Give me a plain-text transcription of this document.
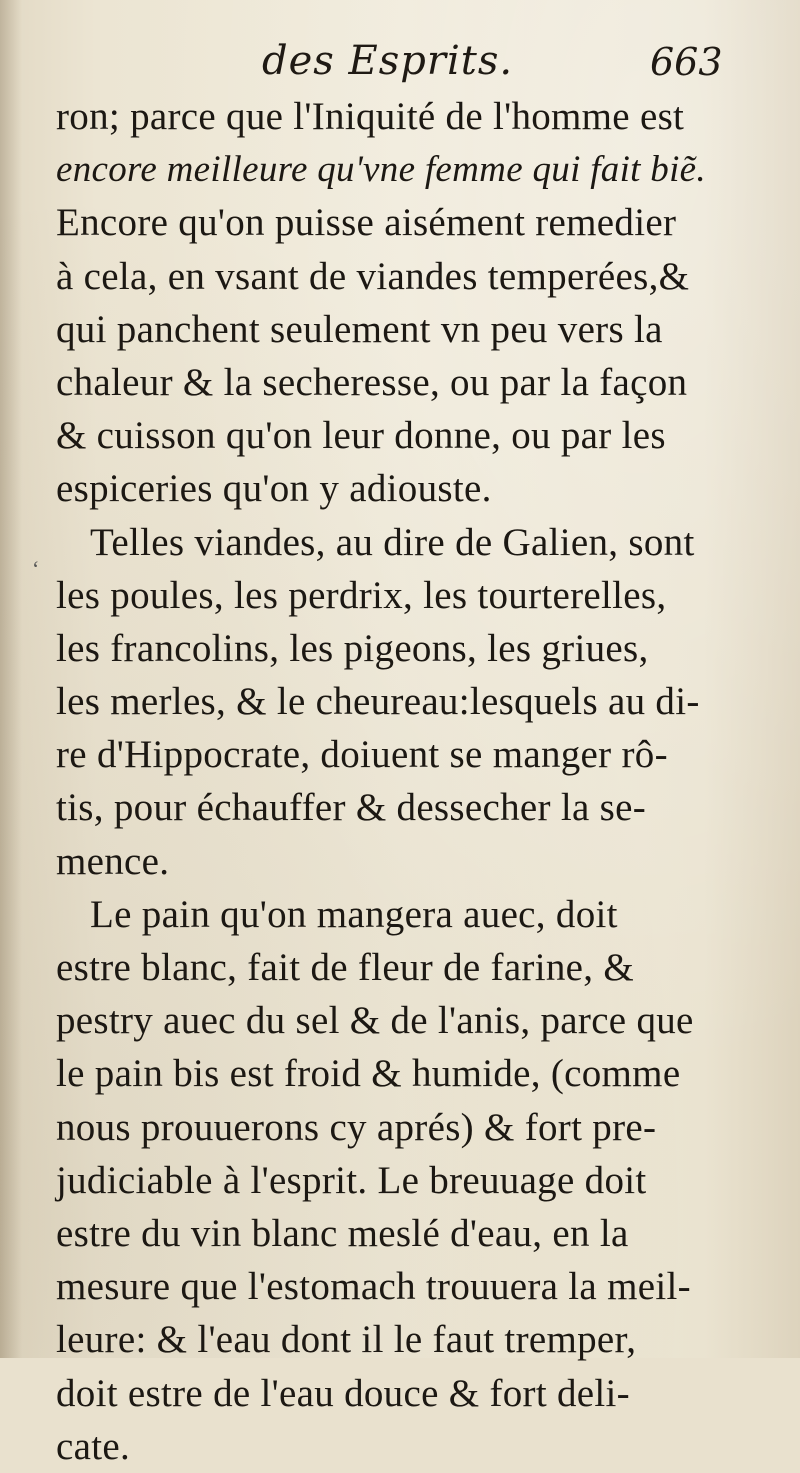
des Esprits.	663
‘
ron; parce que l'Iniquité de l'homme est
encore meilleure qu'vne femme qui fait biẽ.
Encore qu'on puisse aisément remedier
à cela, en vsant de viandes temperées,&
qui panchent seulement vn peu vers la
chaleur & la secheresse, ou par la façon
& cuisson qu'on leur donne, ou par les
espiceries qu'on y adiouste.
Telles viandes, au dire de Galien, sont
les poules, les perdrix, les tourterelles,
les francolins, les pigeons, les griues,
les merles, & le cheureau:lesquels au di-
re d'Hippocrate, doiuent se manger rô-
tis, pour échauffer & dessecher la se-
mence.
Le pain qu'on mangera auec, doit
estre blanc, fait de fleur de farine, &
pestry auec du sel & de l'anis, parce que
le pain bis est froid & humide, (comme
nous prouuerons cy aprés) & fort pre-
judiciable à l'esprit. Le breuuage doit
estre du vin blanc meslé d'eau, en la
mesure que l'estomach trouuera la meil-
leure: & l'eau dont il le faut tremper,
doit estre de l'eau douce & fort deli-
cate.
